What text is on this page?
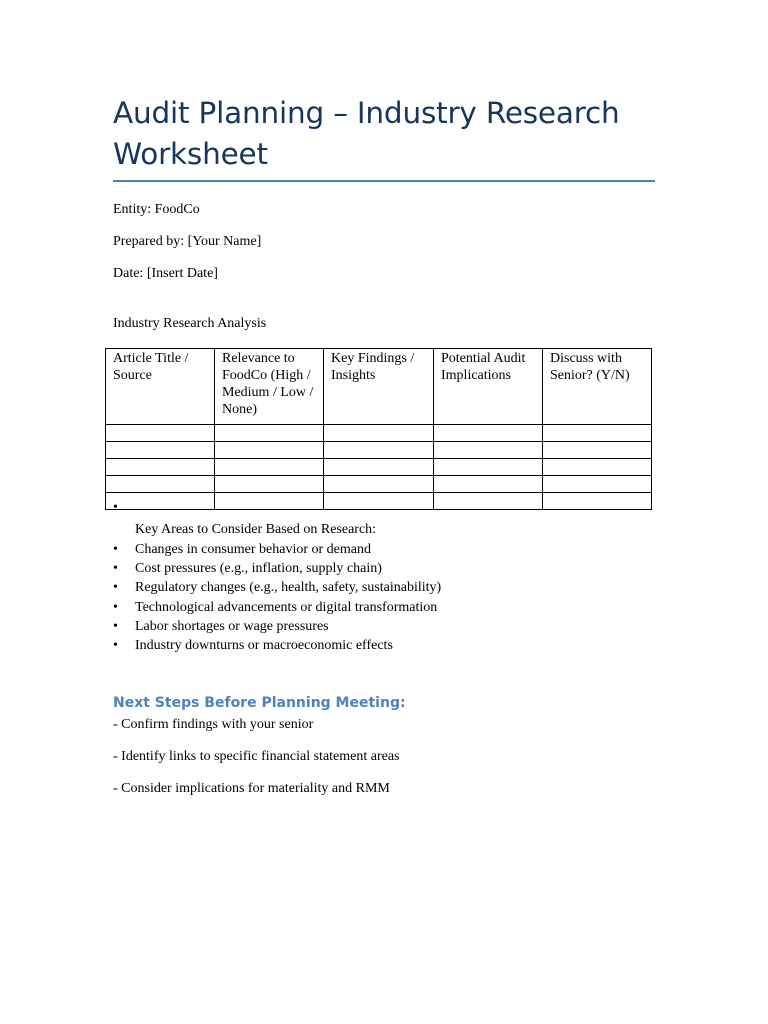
Audit Planning – Industry Research Worksheet

Entity: FoodCo

Prepared by: [Your Name]

Date: [Insert Date]

Industry Research Analysis

Article Title / Source	Relevance to FoodCo (High / Medium / Low / None)	Key Findings / Insights	Potential Audit Implications	Discuss with Senior? (Y/N)

•

Key Areas to Consider Based on Research:

• Changes in consumer behavior or demand
• Cost pressures (e.g., inflation, supply chain)
• Regulatory changes (e.g., health, safety, sustainability)
• Technological advancements or digital transformation
• Labor shortages or wage pressures
• Industry downturns or macroeconomic effects
Next Steps Before Planning Meeting:

- Confirm findings with your senior

- Identify links to specific financial statement areas

- Consider implications for materiality and RMM
